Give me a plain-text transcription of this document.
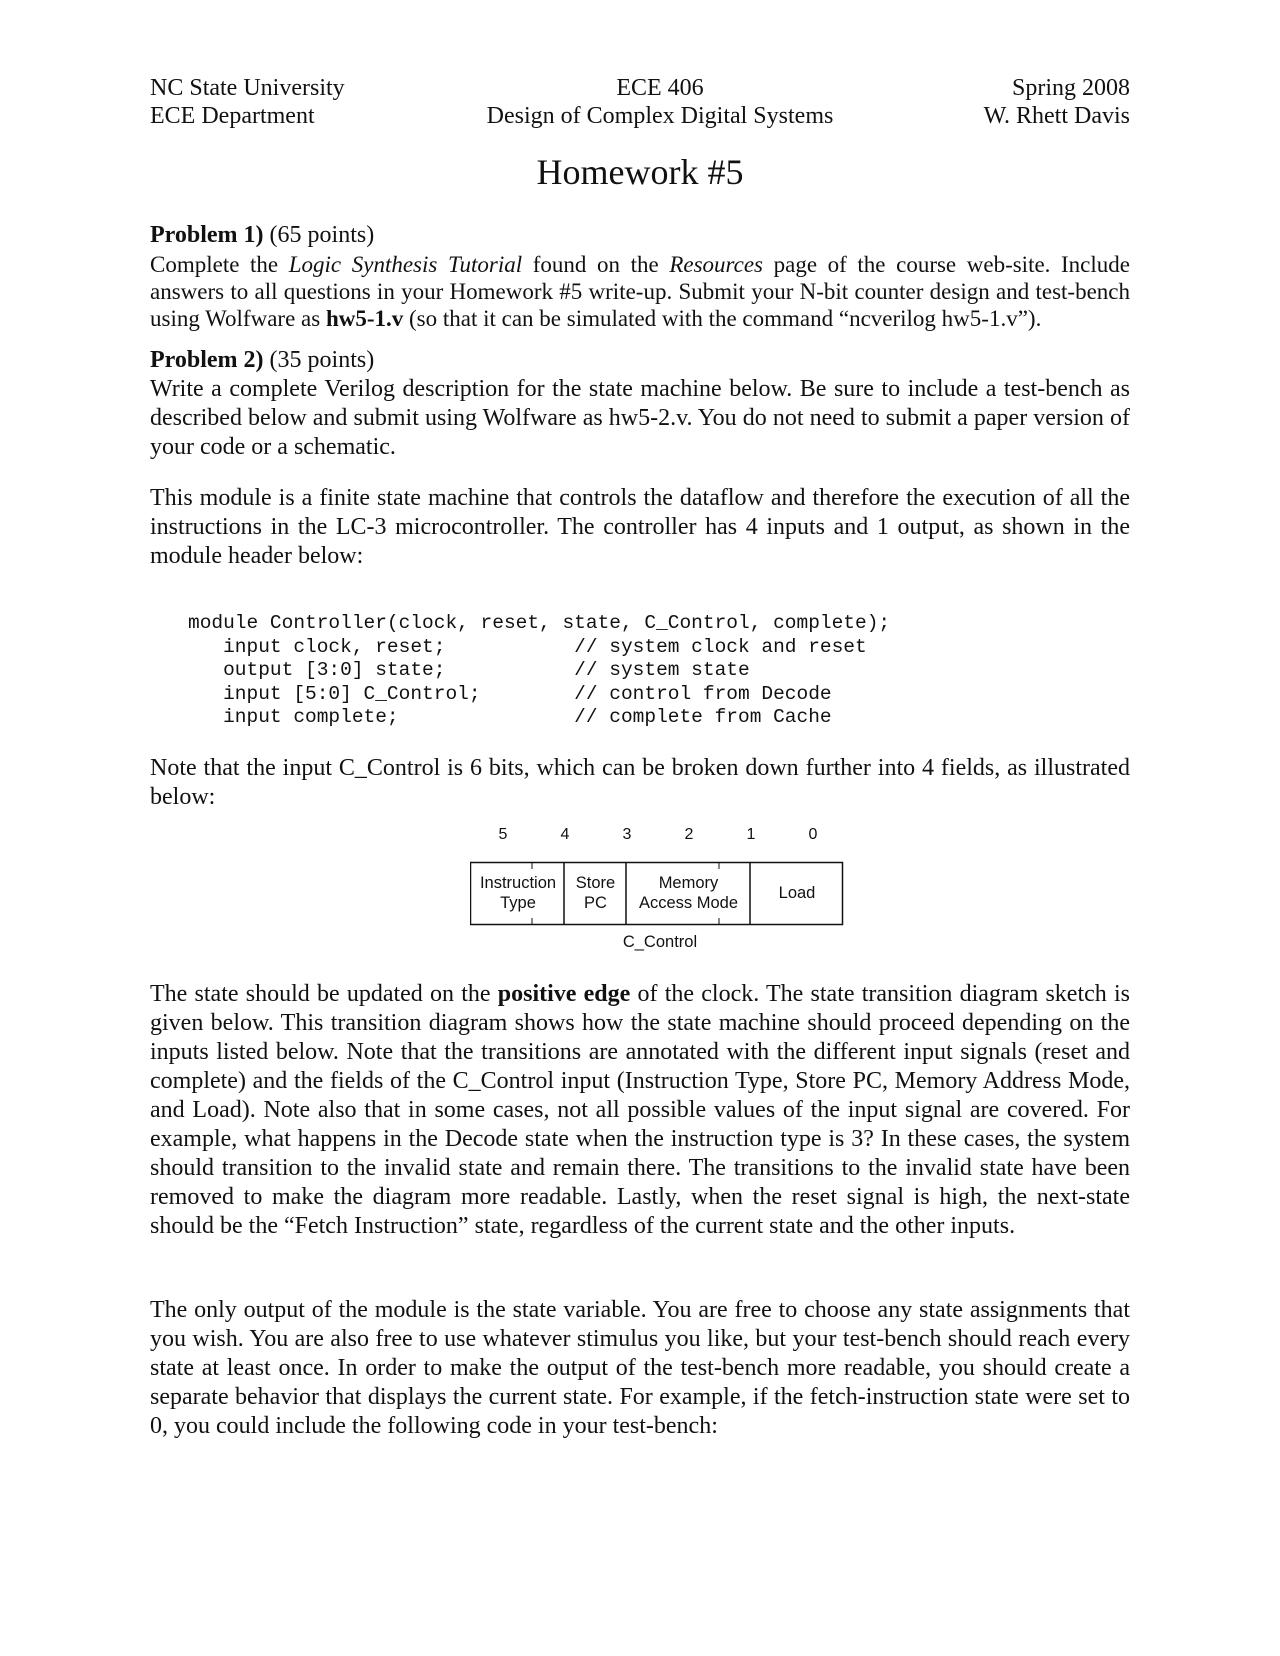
NC State University
ECE Department
ECE 406
Design of Complex Digital Systems
Spring 2008
W. Rhett Davis
Homework #5
Problem 1) (65 points)
Complete the Logic Synthesis Tutorial found on the Resources page of the course web-site. Include answers to all questions in your Homework #5 write-up. Submit your N-bit counter design and test-bench using Wolfware as hw5-1.v (so that it can be simulated with the command “ncverilog hw5-1.v”).
Problem 2) (35 points)
Write a complete Verilog description for the state machine below. Be sure to include a test-bench as described below and submit using Wolfware as hw5-2.v. You do not need to submit a paper version of your code or a schematic.
This module is a finite state machine that controls the dataflow and therefore the execution of all the instructions in the LC-3 microcontroller. The controller has 4 inputs and 1 output, as shown in the module header below:
module Controller(clock, reset, state, C_Control, complete);
input clock, reset;           // system clock and reset
output [3:0] state;           // system state
input [5:0] C_Control;        // control from Decode
input complete;               // complete from Cache
Note that the input C_Control is 6 bits, which can be broken down further into 4 fields, as illustrated below:
5	4	3	2	1	0
Instruction
Type
Store
PC
Memory
Access Mode
Load
C_Control
The state should be updated on the positive edge of the clock. The state transition diagram sketch is given below. This transition diagram shows how the state machine should proceed depending on the inputs listed below. Note that the transitions are annotated with the different input signals (reset and complete) and the fields of the C_Control input (Instruction Type, Store PC, Memory Address Mode, and Load). Note also that in some cases, not all possible values of the input signal are covered. For example, what happens in the Decode state when the instruction type is 3? In these cases, the system should transition to the invalid state and remain there. The transitions to the invalid state have been removed to make the diagram more readable. Lastly, when the reset signal is high, the next-state should be the “Fetch Instruction” state, regardless of the current state and the other inputs.
The only output of the module is the state variable. You are free to choose any state assignments that you wish. You are also free to use whatever stimulus you like, but your test-bench should reach every state at least once. In order to make the output of the test-bench more readable, you should create a separate behavior that displays the current state. For example, if the fetch-instruction state were set to 0, you could include the following code in your test-bench:
